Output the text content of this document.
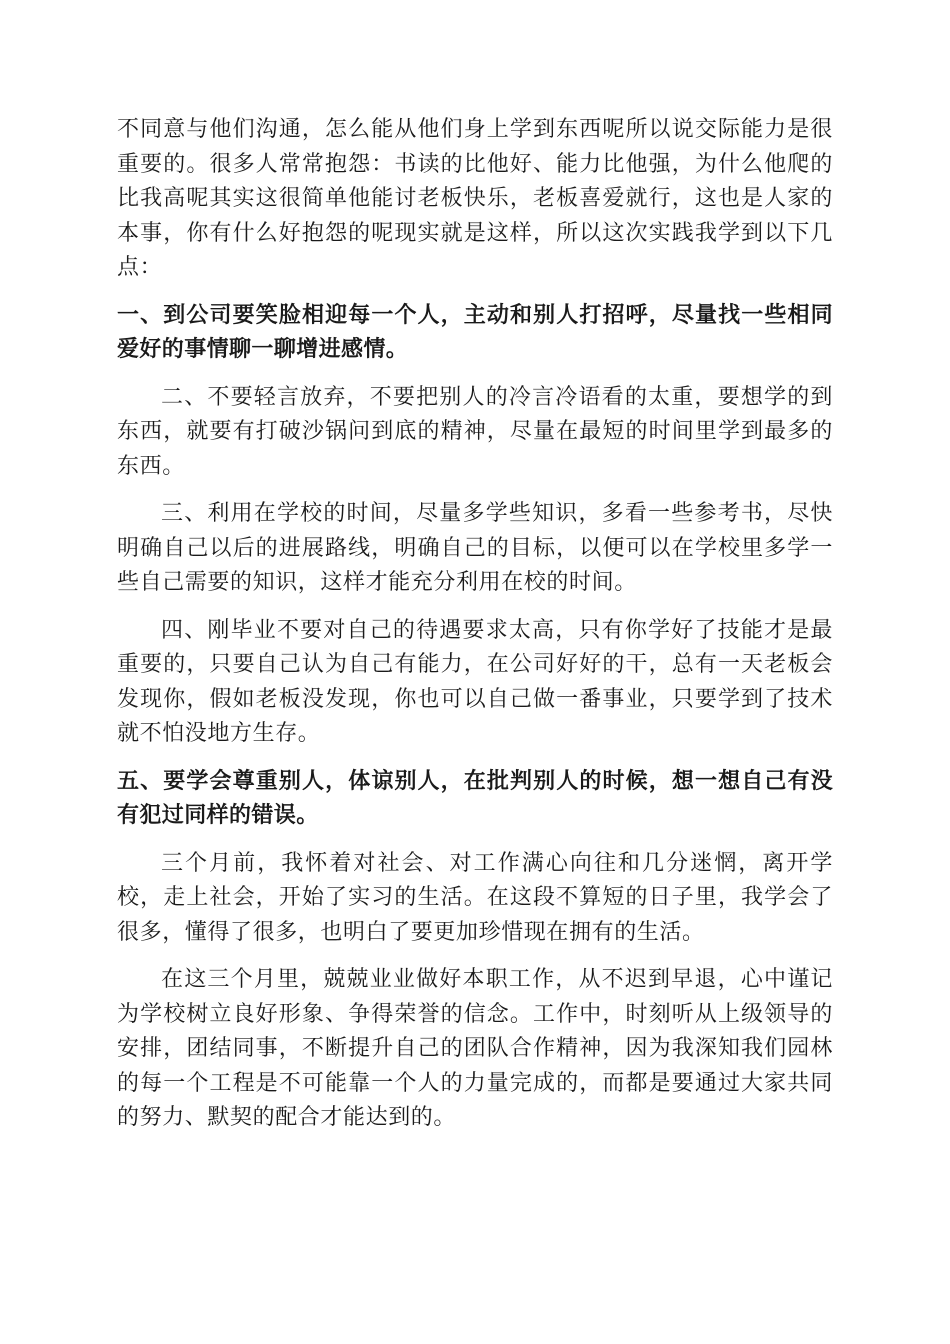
不同意与他们沟通，怎么能从他们身上学到东西呢所以说交际能力是很重要的。很多人常常抱怨：书读的比他好、能力比他强，为什么他爬的比我高呢其实这很简单他能讨老板快乐，老板喜爱就行，这也是人家的本事，你有什么好抱怨的呢现实就是这样，所以这次实践我学到以下几点：

一、到公司要笑脸相迎每一个人，主动和别人打招呼，尽量找一些相同爱好的事情聊一聊增进感情。

二、不要轻言放弃，不要把别人的冷言冷语看的太重，要想学的到东西，就要有打破沙锅问到底的精神，尽量在最短的时间里学到最多的东西。

三、利用在学校的时间，尽量多学些知识，多看一些参考书，尽快明确自己以后的进展路线，明确自己的目标，以便可以在学校里多学一些自己需要的知识，这样才能充分利用在校的时间。

四、刚毕业不要对自己的待遇要求太高，只有你学好了技能才是最重要的，只要自己认为自己有能力，在公司好好的干，总有一天老板会发现你，假如老板没发现，你也可以自己做一番事业，只要学到了技术就不怕没地方生存。

五、要学会尊重别人，体谅别人，在批判别人的时候，想一想自己有没有犯过同样的错误。

三个月前，我怀着对社会、对工作满心向往和几分迷惘，离开学校，走上社会，开始了实习的生活。在这段不算短的日子里，我学会了很多，懂得了很多，也明白了要更加珍惜现在拥有的生活。

在这三个月里，兢兢业业做好本职工作，从不迟到早退，心中谨记为学校树立良好形象、争得荣誉的信念。工作中，时刻听从上级领导的安排，团结同事，不断提升自己的团队合作精神，因为我深知我们园林的每一个工程是不可能靠一个人的力量完成的，而都是要通过大家共同的努力、默契的配合才能达到的。
